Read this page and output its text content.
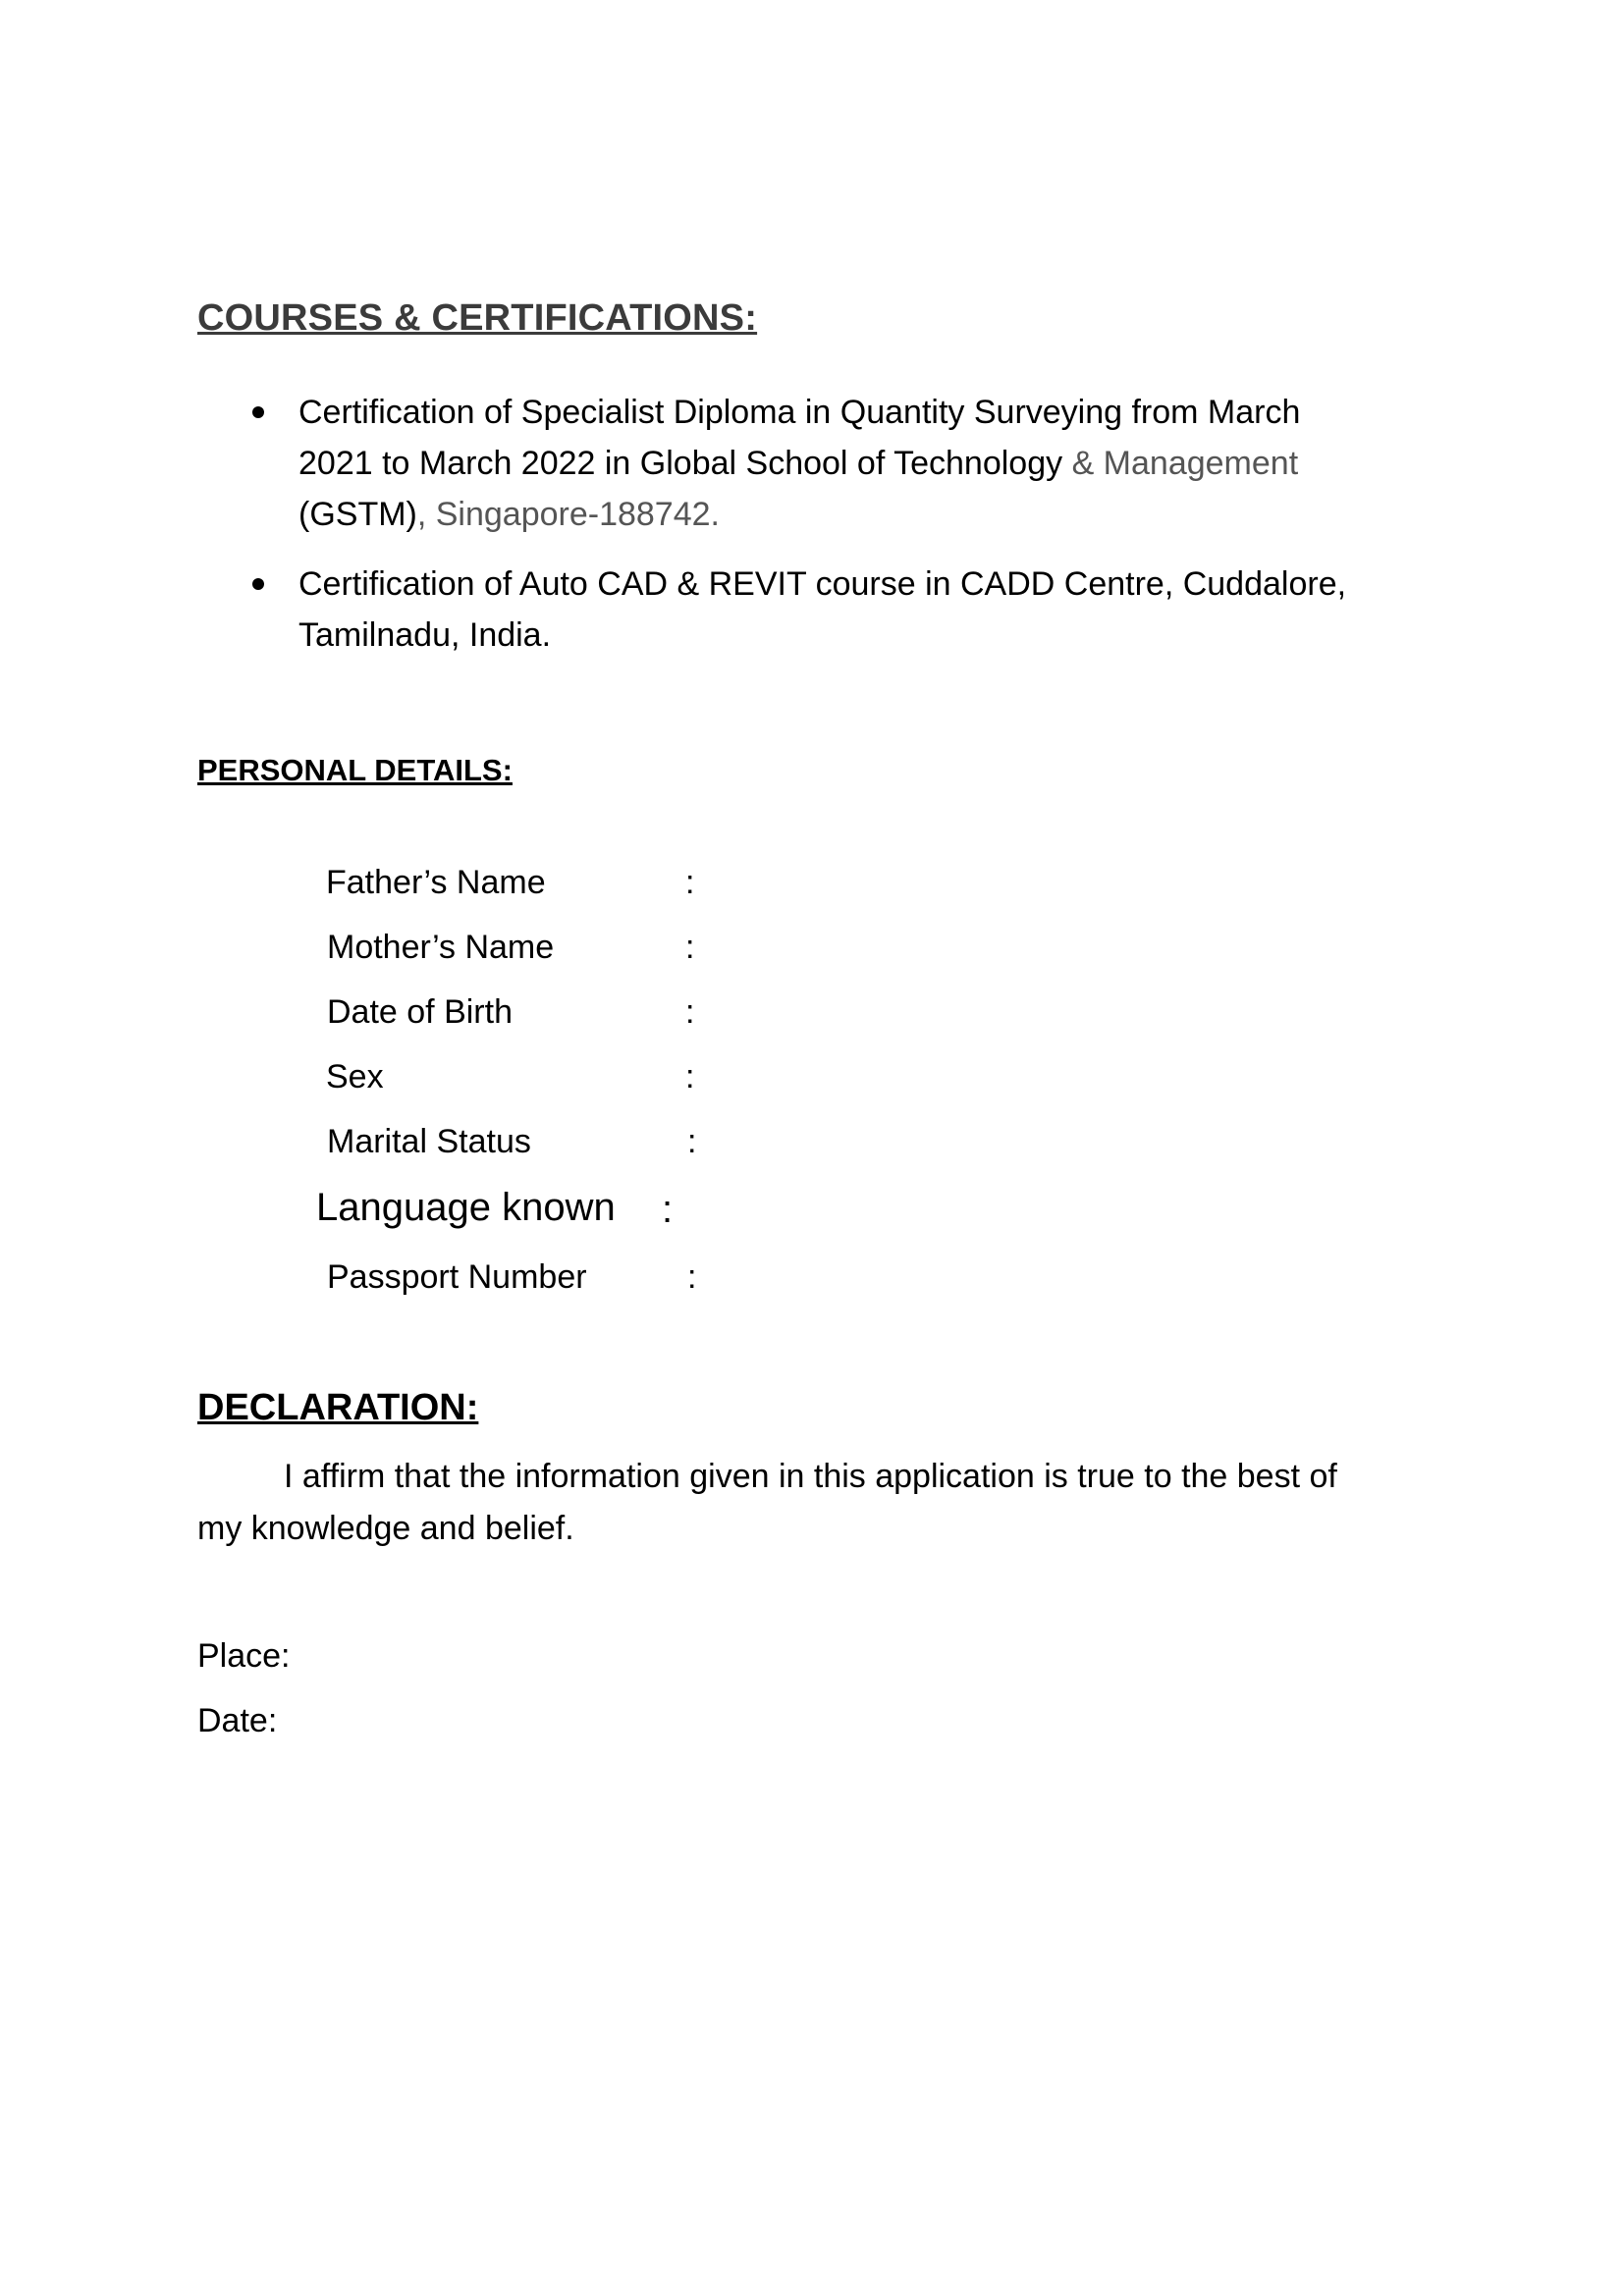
COURSES & CERTIFICATIONS:
Certification of Specialist Diploma in Quantity Surveying from March
2021 to March 2022 in Global School of Technology & Management
(GSTM), Singapore-188742.
Certification of Auto CAD & REVIT course in CADD Centre, Cuddalore,
Tamilnadu, India.
PERSONAL DETAILS:
Father’s Name	:
Mother’s Name	:
Date of Birth	:
Sex	:
Marital Status	:
Language known :
Passport Number	:
DECLARATION:
I affirm that the information given in this application is true to the best of
my knowledge and belief.
Place:
Date:
